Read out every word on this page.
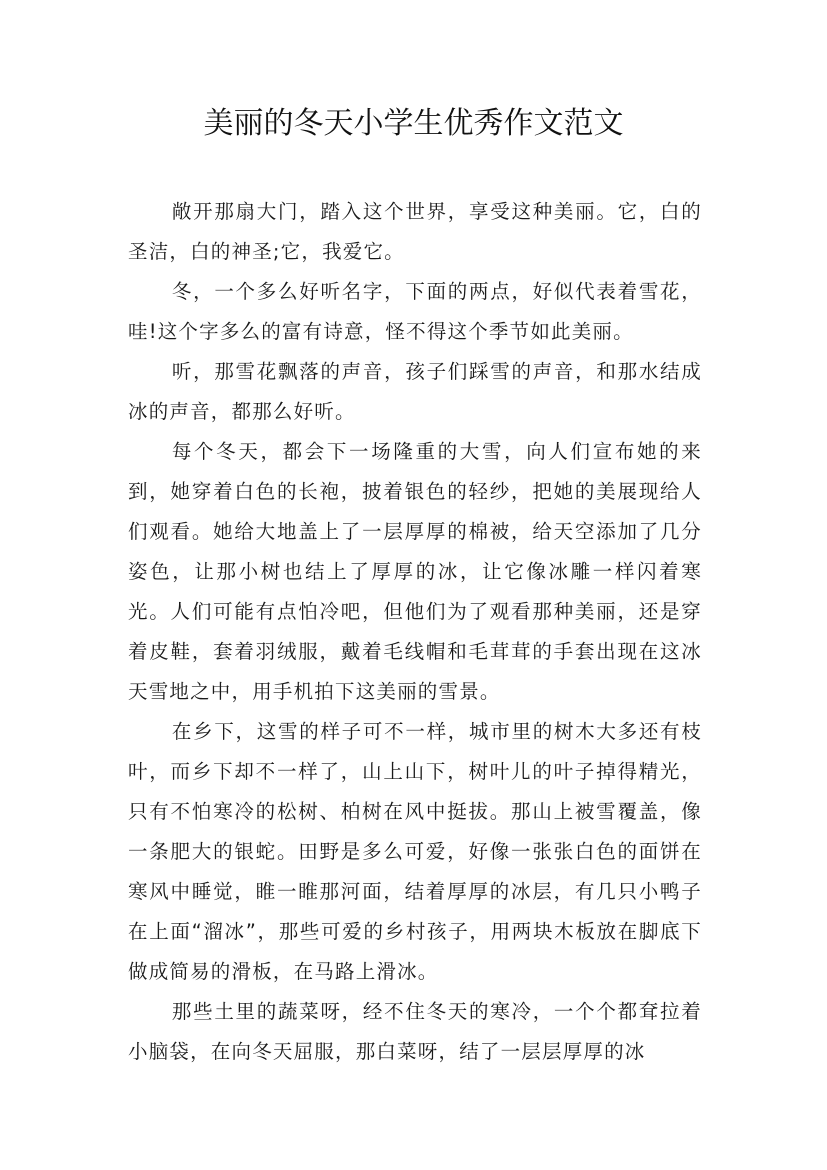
美丽的冬天小学生优秀作文范文

敞开那扇大门，踏入这个世界，享受这种美丽。它，白的圣洁，白的神圣;它，我爱它。

冬，一个多么好听名字，下面的两点，好似代表着雪花，哇!这个字多么的富有诗意，怪不得这个季节如此美丽。

听，那雪花飘落的声音，孩子们踩雪的声音，和那水结成冰的声音，都那么好听。

每个冬天，都会下一场隆重的大雪，向人们宣布她的来到，她穿着白色的长袍，披着银色的轻纱，把她的美展现给人们观看。她给大地盖上了一层厚厚的棉被，给天空添加了几分姿色，让那小树也结上了厚厚的冰，让它像冰雕一样闪着寒光。人们可能有点怕冷吧，但他们为了观看那种美丽，还是穿着皮鞋，套着羽绒服，戴着毛线帽和毛茸茸的手套出现在这冰天雪地之中，用手机拍下这美丽的雪景。

在乡下，这雪的样子可不一样，城市里的树木大多还有枝叶，而乡下却不一样了，山上山下，树叶儿的叶子掉得精光，只有不怕寒冷的松树、柏树在风中挺拔。那山上被雪覆盖，像一条肥大的银蛇。田野是多么可爱，好像一张张白色的面饼在寒风中睡觉，睢一睢那河面，结着厚厚的冰层，有几只小鸭子在上面“溜冰”，那些可爱的乡村孩子，用两块木板放在脚底下做成简易的滑板，在马路上滑冰。

那些土里的蔬菜呀，经不住冬天的寒冷，一个个都耷拉着小脑袋，在向冬天屈服，那白菜呀，结了一层层厚厚的冰
